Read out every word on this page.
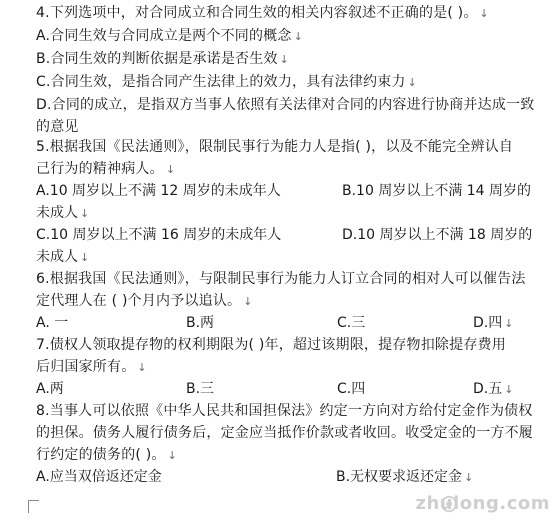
4.下列选项中，对合同成立和合同生效的相关内容叙述不正确的是( )。 ↓
A.合同生效与合同成立是两个不同的概念 ↓
B.合同生效的判断依据是承诺是否生效 ↓
C.合同生效，是指合同产生法律上的效力，具有法律约束力 ↓
D.合同的成立，是指双方当事人依照有关法律对合同的内容进行协商并达成一致
的意见
5.根据我国《民法通则》，限制民事行为能力人是指( )，以及不能完全辨认自
己行为的精神病人。 ↓
A.10 周岁以上不满 12 周岁的未成年人	B.10 周岁以上不满 14 周岁的
未成人 ↓
C.10 周岁以上不满 16 周岁的未成年人	D.10 周岁以上不满 18 周岁的
未成人 ↓
6.根据我国《民法通则》，与限制民事行为能力人订立合同的相对人可以催告法
定代理人在 ( )个月内予以追认。 ↓
A. 一	B.两	C.三	D.四 ↓
7.债权人领取提存物的权利期限为( )年，超过该期限，提存物扣除提存费用
后归国家所有。 ↓
A.两	B.三	C.四	D.五 ↓
8.当事人可以依照《中华人民共和国担保法》约定一方向对方给付定金作为债权
的担保。债务人履行债务后，定金应当抵作价款或者收回。收受定金的一方不履
行约定的债务的( )。 ↓
A.应当双倍返还定金	B.无权要求返还定金 ↓
zhulong.com
